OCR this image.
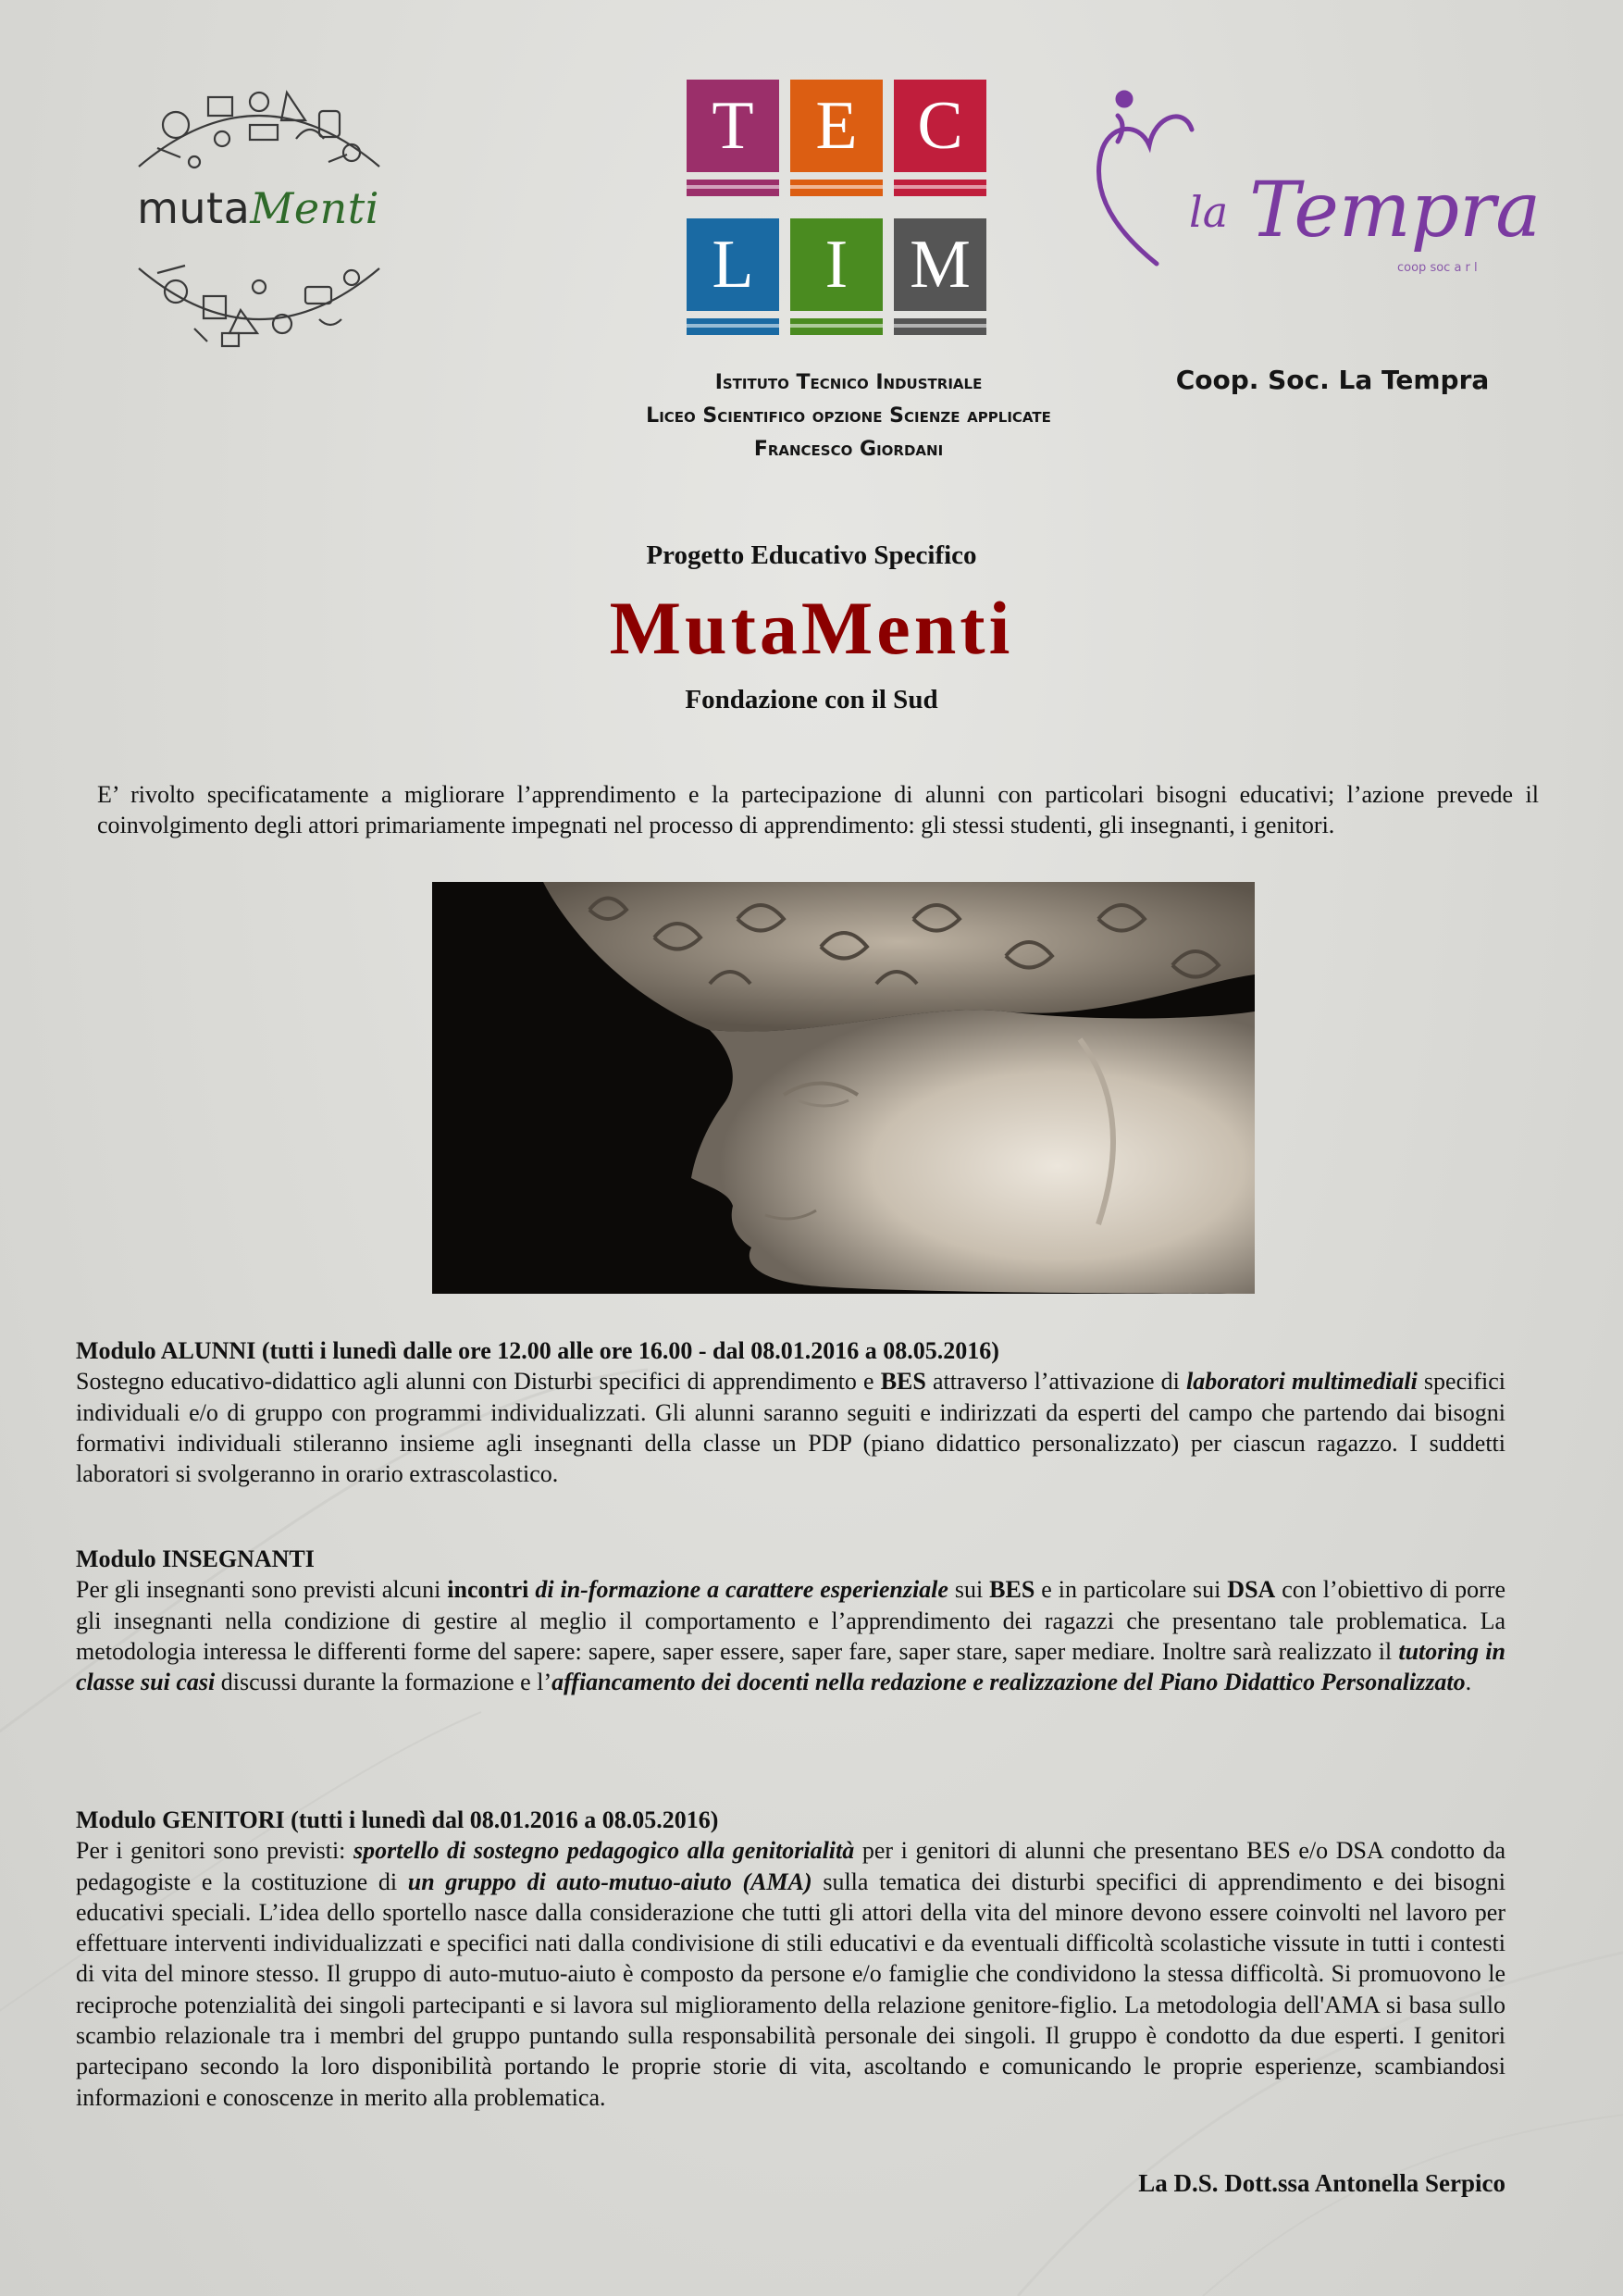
mutaMenti
T E C
L	I M
la Tempra
coop soc a r l
Istituto Tecnico Industriale
Liceo Scientifico opzione Scienze applicate
Francesco Giordani
Coop. Soc. La Tempra
Progetto Educativo Specifico
MutaMenti
Fondazione con il Sud
E’ rivolto specificatamente a migliorare l’apprendimento e la partecipazione di alunni con particolari bisogni educativi; l’azione prevede il coinvolgimento degli attori primariamente impegnati nel processo di apprendimento: gli stessi studenti, gli insegnanti, i genitori.

Modulo ALUNNI (tutti i lunedì dalle ore 12.00 alle ore 16.00 - dal 08.01.2016 a 08.05.2016)

Sostegno educativo-didattico agli alunni con Disturbi specifici di apprendimento e BES attraverso l’attivazione di laboratori multimediali specifici individuali e/o di gruppo con programmi individualizzati. Gli alunni saranno seguiti e indirizzati da esperti del campo che partendo dai bisogni formativi individuali stileranno insieme agli insegnanti della classe un PDP (piano didattico personalizzato) per ciascun ragazzo. I suddetti laboratori si svolgeranno in orario extrascolastico.

Modulo INSEGNANTI

Per gli insegnanti sono previsti alcuni incontri di in-formazione a carattere esperienziale sui BES e in particolare sui DSA con l’obiettivo di porre gli insegnanti nella condizione di gestire al meglio il comportamento e l’apprendimento dei ragazzi che presentano tale problematica. La metodologia interessa le differenti forme del sapere: sapere, saper essere, saper fare, saper stare, saper mediare. Inoltre sarà realizzato il tutoring in classe sui casi discussi durante la formazione e l’affiancamento dei docenti nella redazione e realizzazione del Piano Didattico Personalizzato.

Modulo GENITORI (tutti i lunedì dal 08.01.2016 a 08.05.2016)

Per i genitori sono previsti: sportello di sostegno pedagogico alla genitorialità per i genitori di alunni che presentano BES e/o DSA condotto da pedagogiste e la costituzione di un gruppo di auto-mutuo-aiuto (AMA) sulla tematica dei disturbi specifici di apprendimento e dei bisogni educativi speciali. L’idea dello sportello nasce dalla considerazione che tutti gli attori della vita del minore devono essere coinvolti nel lavoro per effettuare interventi individualizzati e specifici nati dalla condivisione di stili educativi e da eventuali difficoltà scolastiche vissute in tutti i contesti di vita del minore stesso. Il gruppo di auto-mutuo-aiuto è composto da persone e/o famiglie che condividono la stessa difficoltà. Si promuovono le reciproche potenzialità dei singoli partecipanti e si lavora sul miglioramento della relazione genitore-figlio. La metodologia dell'AMA si basa sullo scambio relazionale tra i membri del gruppo puntando sulla responsabilità personale dei singoli. Il gruppo è condotto da due esperti. I genitori partecipano secondo la loro disponibilità portando le proprie storie di vita, ascoltando e comunicando le proprie esperienze, scambiandosi informazioni e conoscenze in merito alla problematica.

La D.S. Dott.ssa Antonella Serpico
